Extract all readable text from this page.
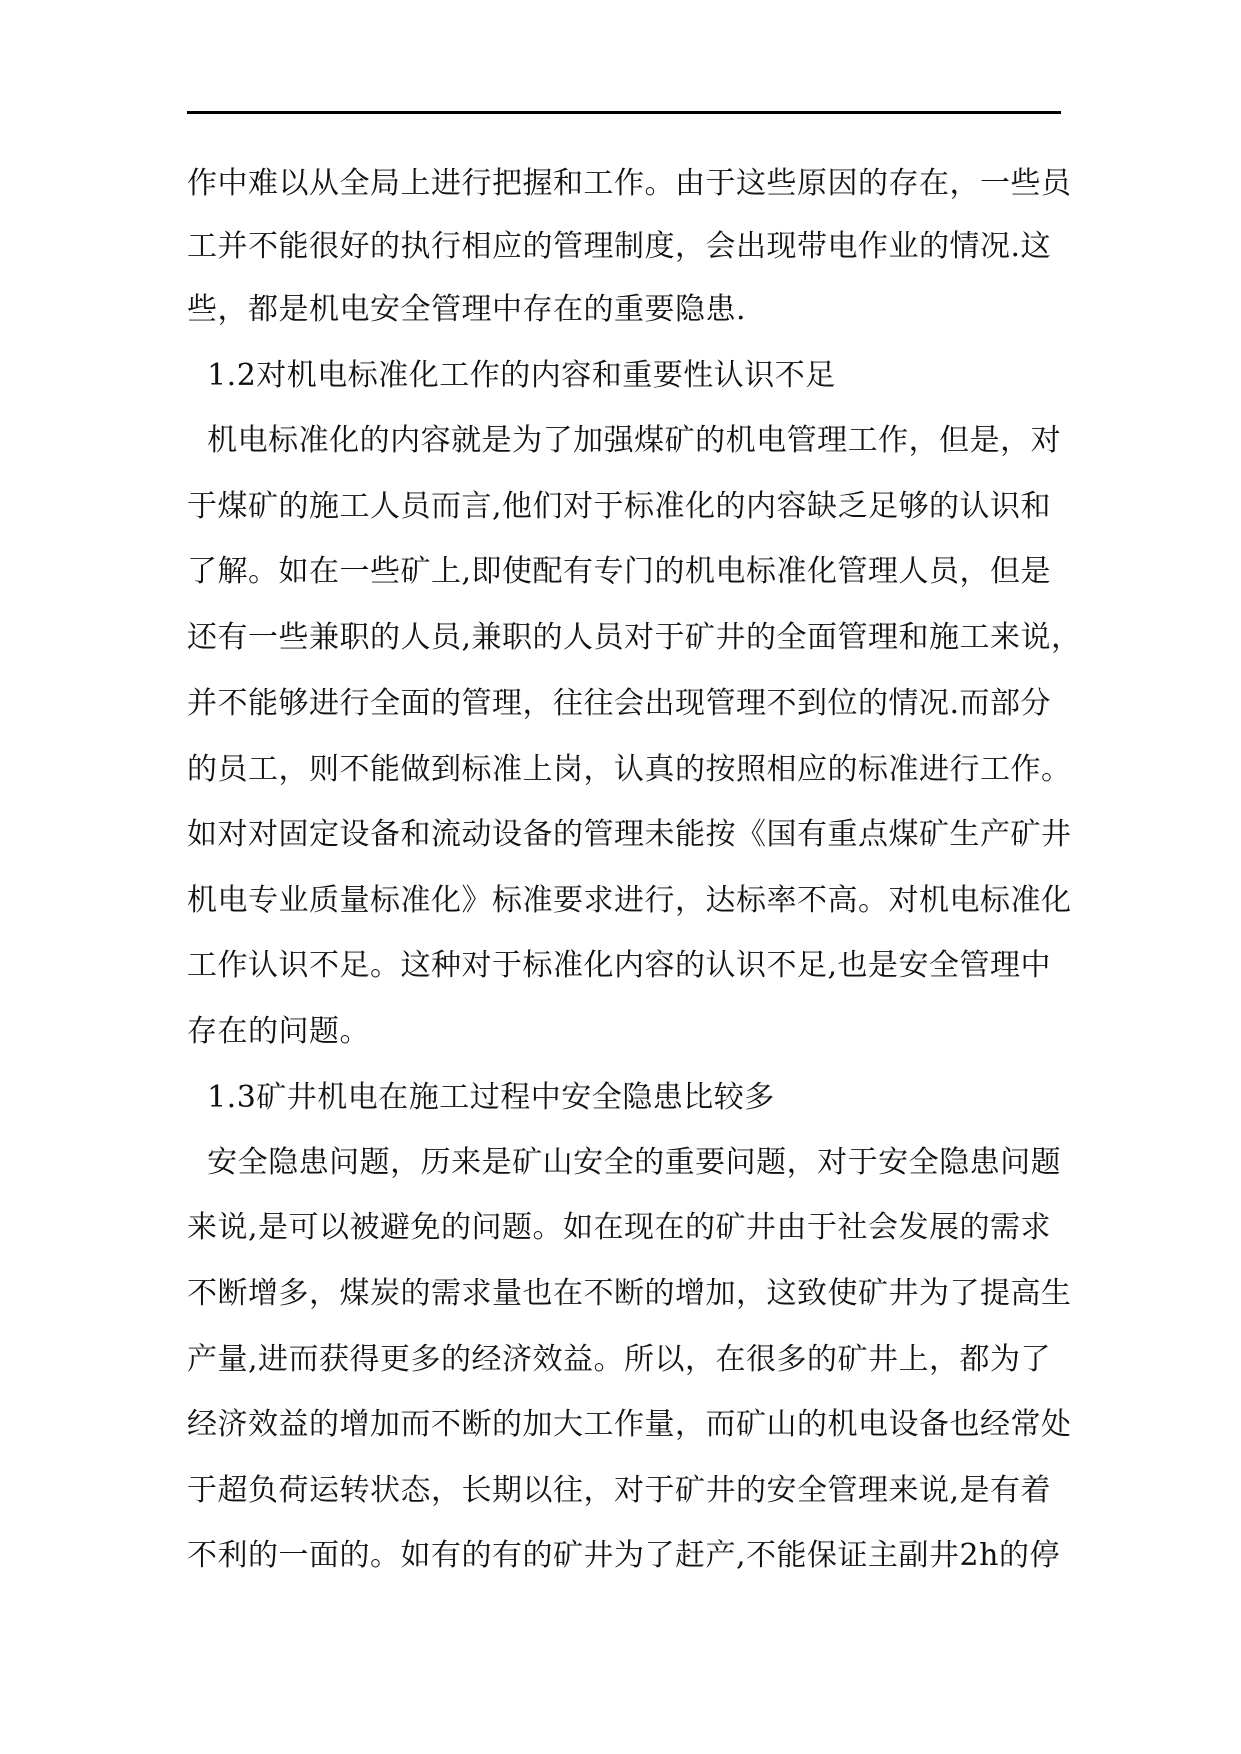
作中难以从全局上进行把握和工作。由于这些原因的存在，一些员
工并不能很好的执行相应的管理制度，会出现带电作业的情况.这
些，都是机电安全管理中存在的重要隐患.
1.2对机电标准化工作的内容和重要性认识不足
机电标准化的内容就是为了加强煤矿的机电管理工作，但是，对
于煤矿的施工人员而言,他们对于标准化的内容缺乏足够的认识和
了解。如在一些矿上,即使配有专门的机电标准化管理人员，但是
还有一些兼职的人员,兼职的人员对于矿井的全面管理和施工来说，
并不能够进行全面的管理，往往会出现管理不到位的情况.而部分
的员工，则不能做到标准上岗，认真的按照相应的标准进行工作。
如对对固定设备和流动设备的管理未能按《国有重点煤矿生产矿井
机电专业质量标准化》标准要求进行，达标率不高。对机电标准化
工作认识不足。这种对于标准化内容的认识不足,也是安全管理中
存在的问题。
1.3矿井机电在施工过程中安全隐患比较多
安全隐患问题，历来是矿山安全的重要问题，对于安全隐患问题
来说,是可以被避免的问题。如在现在的矿井由于社会发展的需求
不断增多，煤炭的需求量也在不断的增加，这致使矿井为了提高生
产量,进而获得更多的经济效益。所以，在很多的矿井上，都为了
经济效益的增加而不断的加大工作量，而矿山的机电设备也经常处
于超负荷运转状态，长期以往，对于矿井的安全管理来说,是有着
不利的一面的。如有的有的矿井为了赶产,不能保证主副井2h的停
